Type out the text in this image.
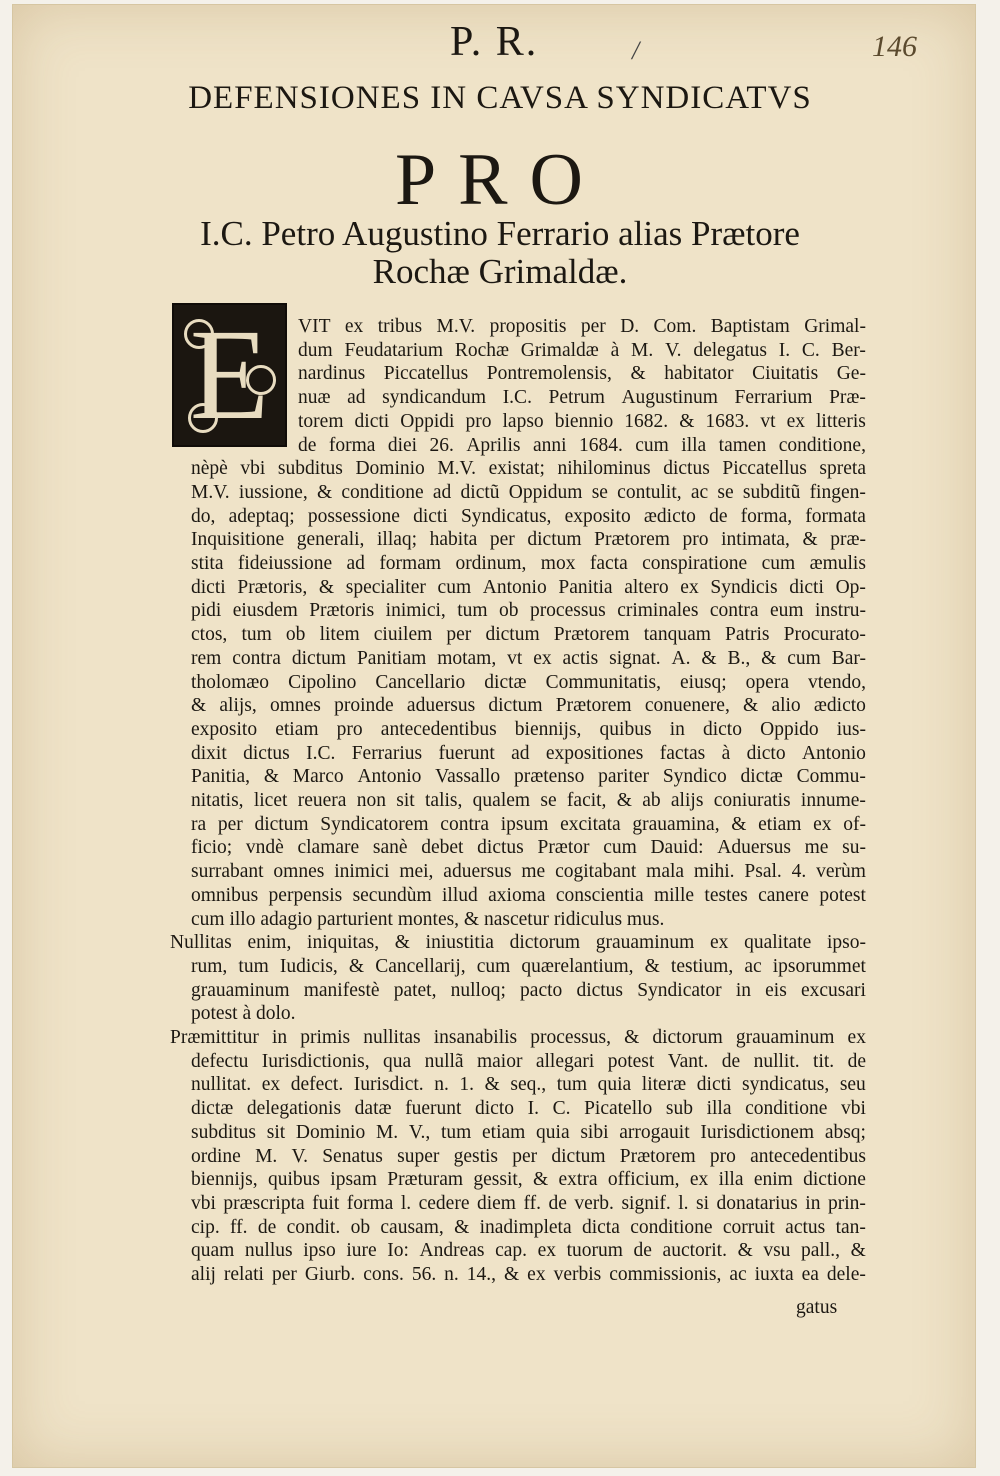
P. R.	/	146
DEFENSIONES IN CAVSA SYNDICATVS
PRO
I.C. Petro Augustino Ferrario alias Prætore
Rochæ Grimaldæ.
E	VIT ex tribus M.V. propositis per D. Com. Baptistam Grimal-
dum Feudatarium Rochæ Grimaldæ à M. V. delegatus I. C. Ber-
nardinus Piccatellus Pontremolensis, & habitator Ciuitatis Ge-
nuæ ad syndicandum I.C. Petrum Augustinum Ferrarium Præ-
torem dicti Oppidi pro lapso biennio 1682. & 1683. vt ex litteris
de forma diei 26. Aprilis anni 1684. cum illa tamen conditione,
nèpè vbi subditus Dominio M.V. existat; nihilominus dictus Piccatellus spreta
M.V. iussione, & conditione ad dictũ Oppidum se contulit, ac se subditũ fingen-
do, adeptaq; possessione dicti Syndicatus, exposito ædicto de forma, formata
Inquisitione generali, illaq; habita per dictum Prætorem pro intimata, & præ-
stita fideiussione ad formam ordinum, mox facta conspiratione cum æmulis
dicti Prætoris, & specialiter cum Antonio Panitia altero ex Syndicis dicti Op-
pidi eiusdem Prætoris inimici, tum ob processus criminales contra eum instru-
ctos, tum ob litem ciuilem per dictum Prætorem tanquam Patris Procurato-
rem contra dictum Panitiam motam, vt ex actis signat. A. & B., & cum Bar-
tholomæo Cipolino Cancellario dictæ Communitatis, eiusq; opera vtendo,
& alijs, omnes proinde aduersus dictum Prætorem conuenere, & alio ædicto
exposito etiam pro antecedentibus biennijs, quibus in dicto Oppido ius-
dixit dictus I.C. Ferrarius fuerunt ad expositiones factas à dicto Antonio
Panitia, & Marco Antonio Vassallo prætenso pariter Syndico dictæ Commu-
nitatis, licet reuera non sit talis, qualem se facit, & ab alijs coniuratis innume-
ra per dictum Syndicatorem contra ipsum excitata grauamina, & etiam ex of-
ficio; vndè clamare sanè debet dictus Prætor cum Dauid: Aduersus me su-
surrabant omnes inimici mei, aduersus me cogitabant mala mihi. Psal. 4. verùm
omnibus perpensis secundùm illud axioma conscientia mille testes canere potest
cum illo adagio parturient montes, & nascetur ridiculus mus.
Nullitas enim, iniquitas, & iniustitia dictorum grauaminum ex qualitate ipso-
rum, tum Iudicis, & Cancellarij, cum quærelantium, & testium, ac ipsorummet
grauaminum manifestè patet, nulloq; pacto dictus Syndicator in eis excusari
potest à dolo.
Præmittitur in primis nullitas insanabilis processus, & dictorum grauaminum ex
defectu Iurisdictionis, qua nullã maior allegari potest Vant. de nullit. tit. de
nullitat. ex defect. Iurisdict. n. 1. & seq., tum quia literæ dicti syndicatus, seu
dictæ delegationis datæ fuerunt dicto I. C. Picatello sub illa conditione vbi
subditus sit Dominio M. V., tum etiam quia sibi arrogauit Iurisdictionem absq;
ordine M. V. Senatus super gestis per dictum Prætorem pro antecedentibus
biennijs, quibus ipsam Præturam gessit, & extra officium, ex illa enim dictione
vbi præscripta fuit forma l. cedere diem ff. de verb. signif. l. si donatarius in prin-
cip. ff. de condit. ob causam, & inadimpleta dicta conditione corruit actus tan-
quam nullus ipso iure Io: Andreas cap. ex tuorum de auctorit. & vsu pall., &
alij relati per Giurb. cons. 56. n. 14., & ex verbis commissionis, ac iuxta ea dele-
gatus
